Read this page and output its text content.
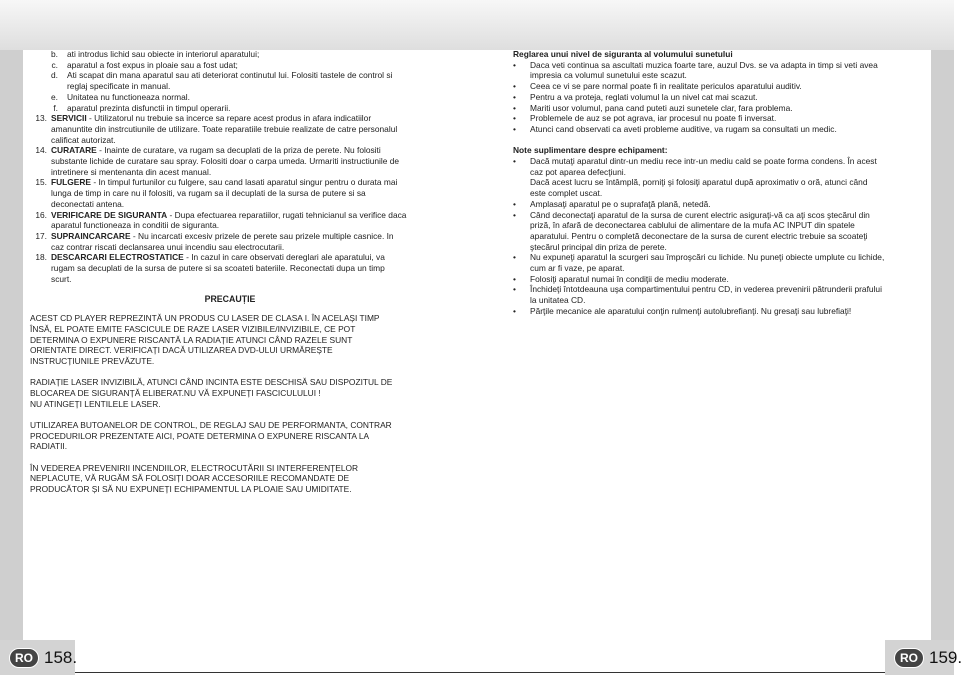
RO 158.	RO 159.
b. ati introdus lichid sau obiecte in interiorul aparatului;
c. aparatul a fost expus in ploaie sau a fost udat;
d. Ati scapat din mana aparatul sau ati deteriorat continutul lui. Folositi tastele de control si

reglaj specificate in manual.
e. Unitatea nu functioneaza normal.
f. aparatul prezinta disfunctii in timpul operarii.
13. SERVICII - Utilizatorul nu trebuie sa incerce sa repare acest produs in afara indicatiilor

amanuntite din instrcutiunile de utilizare. Toate reparatiile trebuie realizate de catre personalul
calificat autorizat.
14. CURATARE - Inainte de curatare, va rugam sa decuplati de la priza de perete. Nu folositi

substante lichide de curatare sau spray. Folositi doar o carpa umeda. Urmariti instructiunile de
intretinere si mentenanta din acest manual.
15. FULGERE - In timpul furtunilor cu fulgere, sau cand lasati aparatul singur pentru o durata mai

lunga de timp in care nu il folositi, va rugam sa il decuplati de la sursa de putere si sa
deconectati antena.
16. VERIFICARE DE SIGURANTA - Dupa efectuarea reparatiilor, rugati tehnicianul sa verifice daca

aparatul functioneaza in conditii de siguranta.
17. SUPRAINCARCARE - Nu incarcati excesiv prizele de perete sau prizele multiple casnice. In

caz contrar riscati declansarea unui incendiu sau electrocutarii.
18. DESCARCARI ELECTROSTATICE - In cazul in care observati dereglari ale aparatului, va

rugam sa decuplati de la sursa de putere si sa scoateti bateriile. Reconectati dupa un timp
scurt.
PRECAUȚIE
ACEST CD PLAYER REPREZINTĂ UN PRODUS CU LASER DE CLASA I. ÎN ACELAȘI TIMP
ÎNSĂ, EL POATE EMITE FASCICULE DE RAZE LASER VIZIBILE/INVIZIBILE, CE POT
DETERMINA O EXPUNERE RISCANTĂ LA RADIAȚIE ATUNCI CÂND RAZELE SUNT
ORIENTATE DIRECT. VERIFICAȚI DACĂ UTILIZAREA DVD-ULUI URMĂREȘTE
INSTRUCȚIUNILE PREVĂZUTE.
RADIAȚIE LASER INVIZIBILĂ, ATUNCI CÂND INCINTA ESTE DESCHISĂ SAU DISPOZITUL DE
BLOCAREA DE SIGURANȚĂ ELIBERAT.NU VĂ EXPUNEȚI FASCICULULUI !
NU ATINGEȚI LENTILELE LASER.
UTILIZAREA BUTOANELOR DE CONTROL, DE REGLAJ SAU DE PERFORMANTA, CONTRAR
PROCEDURILOR PREZENTATE AICI, POATE DETERMINA O EXPUNERE RISCANTA LA
RADIATII.
ÎN VEDEREA PREVENIRII INCENDIILOR, ELECTROCUTĂRII SI INTERFERENȚELOR
NEPLACUTE, VĂ RUGĂM SĂ FOLOSIȚI DOAR ACCESORIILE RECOMANDATE DE
PRODUCĂTOR ȘI SĂ NU EXPUNEȚI ECHIPAMENTUL LA PLOAIE SAU UMIDITATE.
Reglarea unui nivel de siguranta al volumului sunetului
• Daca veti continua sa ascultati muzica foarte tare, auzul Dvs. se va adapta in timp si veti avea

impresia ca volumul sunetului este scazut.
• Ceea ce vi se pare normal poate fi in realitate periculos aparatului auditiv.
• Pentru a va proteja, reglati volumul la un nivel cat mai scazut.
• Mariti usor volumul, pana cand puteti auzi sunetele clar, fara problema.
• Problemele de auz se pot agrava, iar procesul nu poate fi inversat.
• Atunci cand observati ca aveti probleme auditive, va rugam sa consultati un medic.
Note suplimentare despre echipament:
• Dacă mutaţi aparatul dintr-un mediu rece intr-un mediu cald se poate forma condens. În acest

caz pot aparea defecţiuni.
Dacă acest lucru se întâmplă, porniţi şi folosiţi aparatul după aproximativ o oră, atunci când
este complet uscat.
• Amplasaţi aparatul pe o suprafaţă plană, netedă.
• Când deconectaţi aparatul de la sursa de curent electric asiguraţi-vă ca aţi scos ştecărul din

priză, în afară de deconectarea cablului de alimentare de la mufa AC INPUT din spatele
aparatului. Pentru o completă deconectare de la sursa de curent electric trebuie sa scoateţi
ştecărul principal din priza de perete.
• Nu expuneţi aparatul la scurgeri sau împroşcări cu lichide. Nu puneţi obiecte umplute cu lichide,

cum ar fi vaze, pe aparat.
• Folosiţi aparatul numai în condiţii de mediu moderate.
• Închideţi întotdeauna uşa compartimentului pentru CD, in vederea prevenirii pătrunderii prafului

la unitatea CD.
• Părţile mecanice ale aparatului conţin rulmenţi autolubrefianţi. Nu gresaţi sau lubrefiaţi!
